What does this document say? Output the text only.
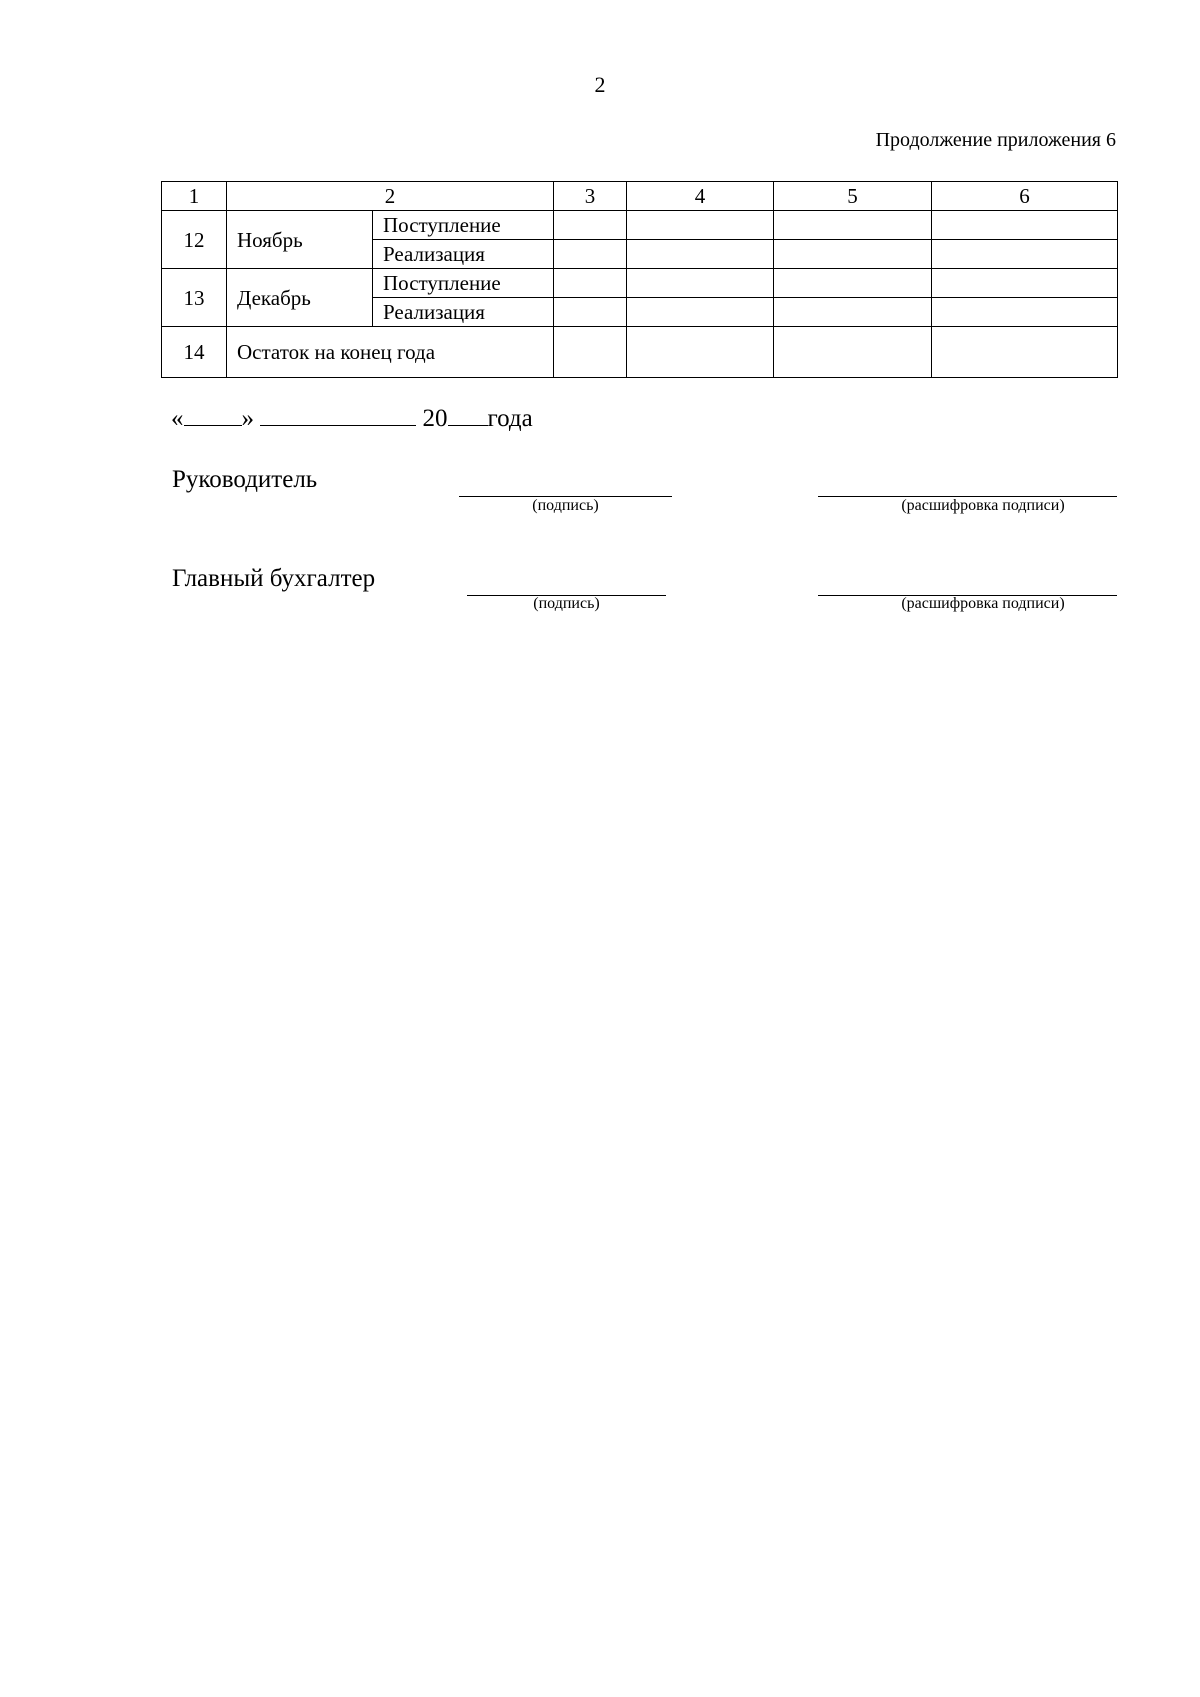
2
Продолжение приложения 6
1	2		3	4	5	6
12	Ноябрь	Поступление				
		Реализация				
13	Декабрь	Поступление				
		Реализация				
14	Остаток на конец года					
« »	20 года
Руководитель
(подпись)	(расшифровка подписи)
Главный бухгалтер
(подпись)	(расшифровка подписи)
